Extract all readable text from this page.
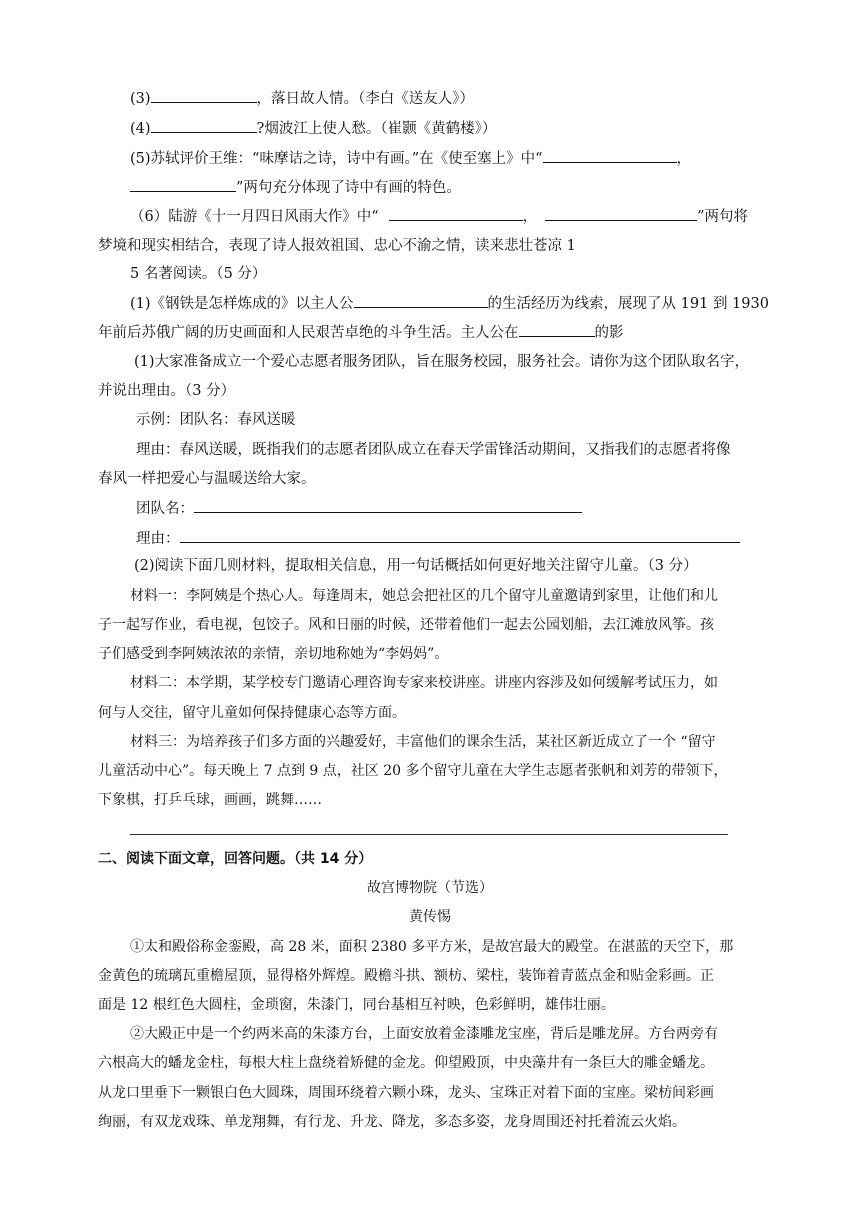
(3)	，落日故人情。（李白《送友人》）
(4)	?烟波江上使人愁。（崔颢《黄鹤楼》）
(5)苏轼评价王维：“味摩诘之诗，诗中有画。”在《使至塞上》中“	，
”两句充分体现了诗中有画的特色。
（6）陆游《十一月四日风雨大作》中“	，	”两句将
梦境和现实相结合，表现了诗人报效祖国、忠心不渝之情，读来悲壮苍凉 1
5 名著阅读。（5 分）
(1)《钢铁是怎样炼成的》以主人公	的生活经历为线索，展现了从 191 到 1930
年前后苏俄广阔的历史画面和人民艰苦卓绝的斗争生活。主人公在	的影
(1)大家准备成立一个爱心志愿者服务团队，旨在服务校园，服务社会。请你为这个团队取名字，
并说出理由。（3 分）
示例：团队名：春风送暖
理由：春风送暖，既指我们的志愿者团队成立在春天学雷锋活动期间，又指我们的志愿者将像
春风一样把爱心与温暖送给大家。
团队名：
理由：
(2)阅读下面几则材料，提取相关信息，用一句话概括如何更好地关注留守儿童。（3 分）
材料一：李阿姨是个热心人。每逢周末，她总会把社区的几个留守儿童邀请到家里，让他们和儿
子一起写作业，看电视，包饺子。风和日丽的时候，还带着他们一起去公园划船，去江滩放风筝。孩
子们感受到李阿姨浓浓的亲情，亲切地称她为“李妈妈”。
材料二：本学期，某学校专门邀请心理咨询专家来校讲座。讲座内容涉及如何缓解考试压力，如
何与人交往，留守儿童如何保持健康心态等方面。
材料三：为培养孩子们多方面的兴趣爱好，丰富他们的课余生活，某社区新近成立了一个 “留守
儿童活动中心”。每天晚上 7 点到 9 点，社区 20 多个留守儿童在大学生志愿者张帆和刘芳的带领下，
下象棋，打乒乓球，画画，跳舞……
二、阅读下面文章，回答问题。（共 14 分）
故宫博物院（节选）
黄传惕
①太和殿俗称金銮殿，高 28 米，面积 2380 多平方米，是故宫最大的殿堂。在湛蓝的天空下，那
金黄色的琉璃瓦重檐屋顶，显得格外辉煌。殿檐斗拱、额枋、梁柱，装饰着青蓝点金和贴金彩画。正
面是 12 根红色大圆柱，金琐窗，朱漆门，同台基相互衬映，色彩鲜明，雄伟壮丽。
②大殿正中是一个约两米高的朱漆方台，上面安放着金漆雕龙宝座，背后是雕龙屏。方台两旁有
六根高大的蟠龙金柱，每根大柱上盘绕着矫健的金龙。仰望殿顶，中央藻井有一条巨大的雕金蟠龙。
从龙口里垂下一颗银白色大圆珠，周围环绕着六颗小珠，龙头、宝珠正对着下面的宝座。梁枋间彩画
绚丽，有双龙戏珠、单龙翔舞，有行龙、升龙、降龙，多态多姿，龙身周围还衬托着流云火焰。
